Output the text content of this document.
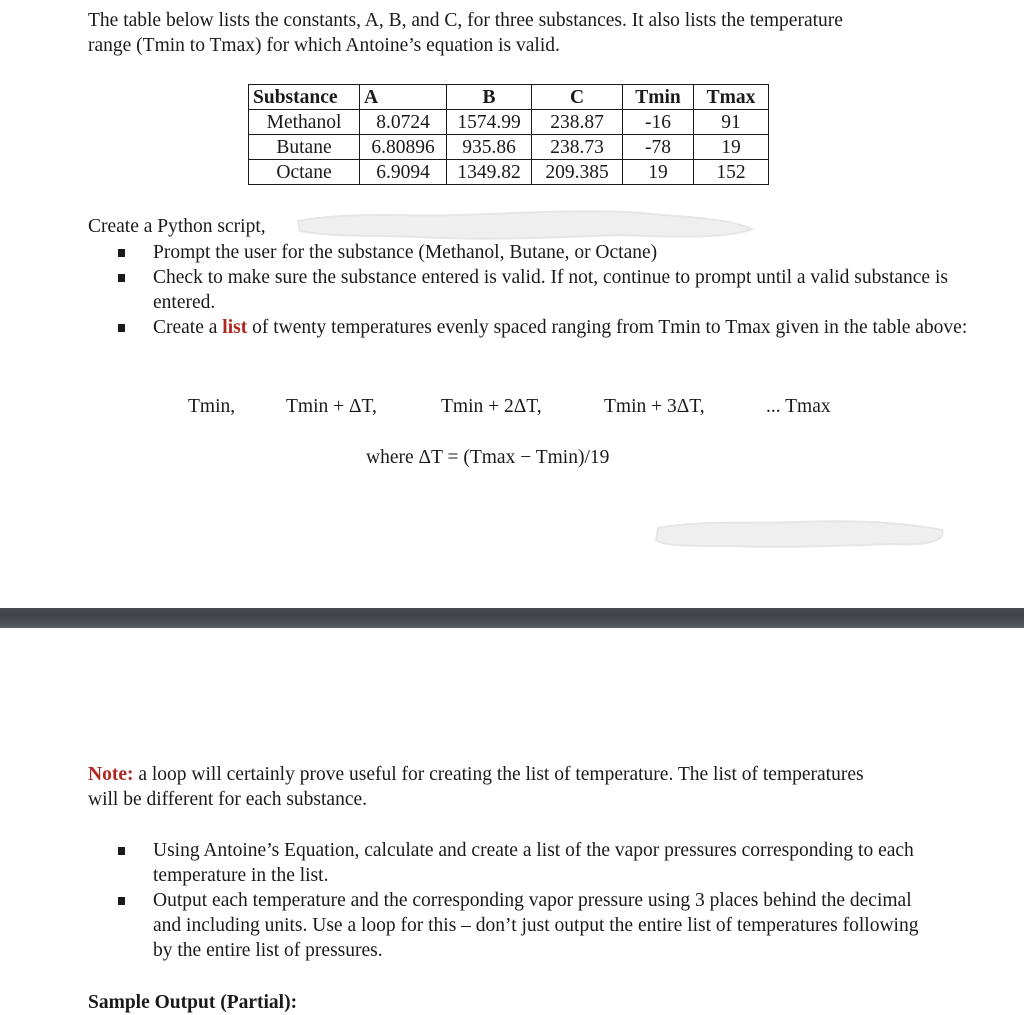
The table below lists the constants, A, B, and C, for three substances. It also lists the temperature range (Tmin to Tmax) for which Antoine’s equation is valid.

Substance	A	B	C	Tmin	Tmax
Methanol	8.0724	1574.99	238.87	-16	91
Butane	6.80896	935.86	238.73	-78	19
Octane	6.9094	1349.82	209.385	19	152

Create a Python script,

Prompt the user for the substance (Methanol, Butane, or Octane)
Check to make sure the substance entered is valid. If not, continue to prompt until a valid substance is entered.
Create a list of twenty temperatures evenly spaced ranging from Tmin to Tmax given in the table above:
Tmin,	Tmin + ΔT,	Tmin + 2ΔT,	Tmin + 3ΔT,	... Tmax
where ΔT = (Tmax − Tmin)/19

Note: a loop will certainly prove useful for creating the list of temperature. The list of temperatures will be different for each substance.

Using Antoine’s Equation, calculate and create a list of the vapor pressures corresponding to each temperature in the list.
Output each temperature and the corresponding vapor pressure using 3 places behind the decimal and including units. Use a loop for this – don’t just output the entire list of temperatures following by the entire list of pressures.
Sample Output (Partial):
